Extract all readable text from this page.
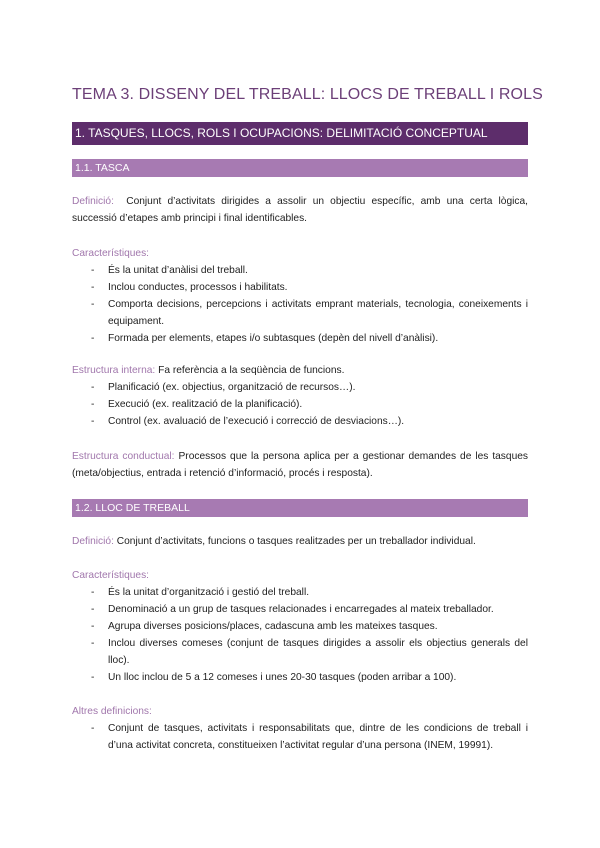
TEMA 3. DISSENY DEL TREBALL: LLOCS DE TREBALL I ROLS
1. TASQUES, LLOCS, ROLS I OCUPACIONS: DELIMITACIÓ CONCEPTUAL
1.1. TASCA
Definició: Conjunt d’activitats dirigides a assolir un objectiu específic, amb una certa lògica, successió d’etapes amb principi i final identificables.
Característiques:
- És la unitat d’anàlisi del treball.
- Inclou conductes, processos i habilitats.
- Comporta decisions, percepcions i activitats emprant materials, tecnologia, coneixements i equipament.
- Formada per elements, etapes i/o subtasques (depèn del nivell d’anàlisi).
Estructura interna: Fa referència a la seqüència de funcions.
- Planificació (ex. objectius, organització de recursos…).
- Execució (ex. realització de la planificació).
- Control (ex. avaluació de l’execució i correcció de desviacions…).
Estructura conductual: Processos que la persona aplica per a gestionar demandes de les tasques (meta/objectius, entrada i retenció d’informació, procés i resposta).
1.2. LLOC DE TREBALL
Definició: Conjunt d’activitats, funcions o tasques realitzades per un treballador individual.
Característiques:
- És la unitat d’organització i gestió del treball.
- Denominació a un grup de tasques relacionades i encarregades al mateix treballador.
- Agrupa diverses posicions/places, cadascuna amb les mateixes tasques.
- Inclou diverses comeses (conjunt de tasques dirigides a assolir els objectius generals del lloc).
- Un lloc inclou de 5 a 12 comeses i unes 20-30 tasques (poden arribar a 100).
Altres definicions:
- Conjunt de tasques, activitats i responsabilitats que, dintre de les condicions de treball i d’una activitat concreta, constitueixen l’activitat regular d’una persona (INEM, 19991).
